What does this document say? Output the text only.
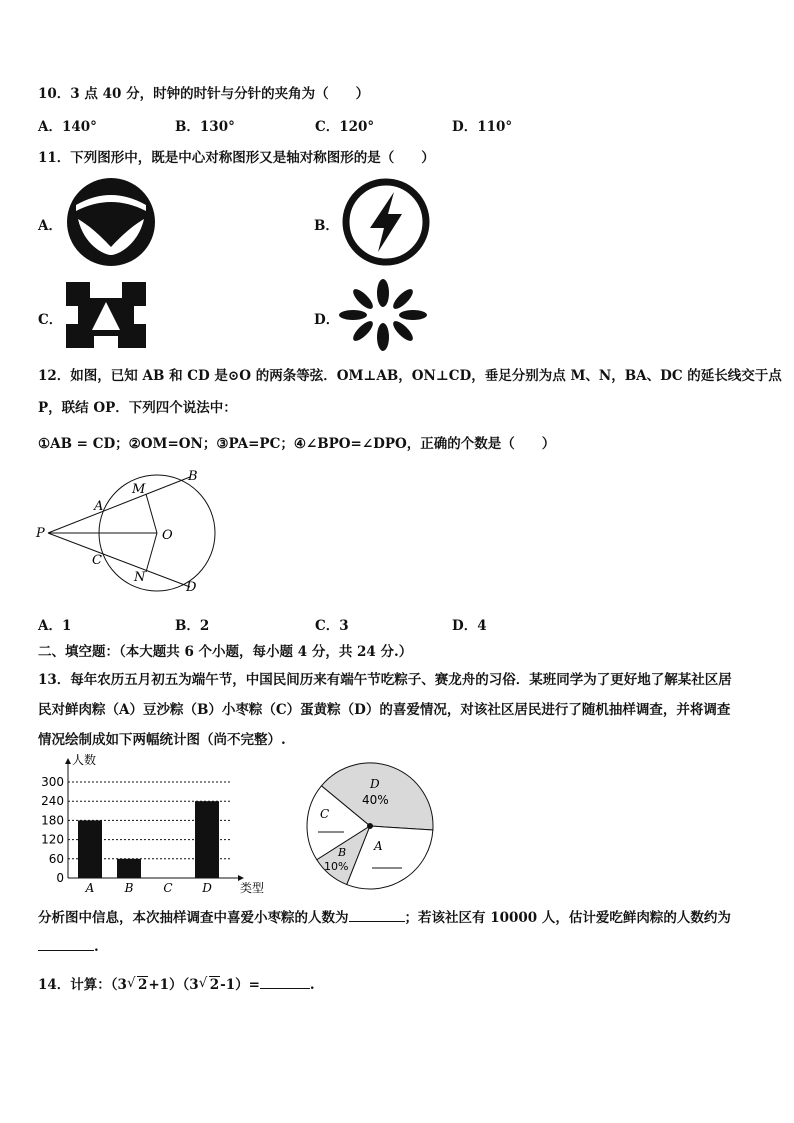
10．3 点 40 分，时钟的时针与分针的夹角为（　　）
A．140°	B．130°	C．120°	D．110°
11．下列图形中，既是中心对称图形又是轴对称图形的是（　　）
A．	B．
C．	D．
12．如图，已知 AB 和 CD 是⊙O 的两条等弦．OM⊥AB，ON⊥CD，垂足分别为点 M、N，BA、DC 的延长线交于点
P，联结 OP．下列四个说法中：
①AB = CD；②OM=ON；③PA=PC；④∠BPO=∠DPO，正确的个数是（　　）
P
A
B
C
D
M
N
O
A．1	B．2	C．3	D．4
二、填空题：（本大题共 6 个小题，每小题 4 分，共 24 分.）
13．每年农历五月初五为端午节，中国民间历来有端午节吃粽子、赛龙舟的习俗．某班同学为了更好地了解某社区居
民对鲜肉粽（A）豆沙粽（B）小枣粽（C）蛋黄粽（D）的喜爱情况，对该社区居民进行了随机抽样调查，并将调查
情况绘制成如下两幅统计图（尚不完整）.
0
60
120
180
240
300
A	B C D
人数
类型
D
40%
A
B
10%
C
分析图中信息，本次抽样调查中喜爱小枣粽的人数为	；若该社区有 10000 人，估计爱吃鲜肉粽的人数约为
.
14．计算：（3 √ 2+1）（3 √ 2-1）=	.
